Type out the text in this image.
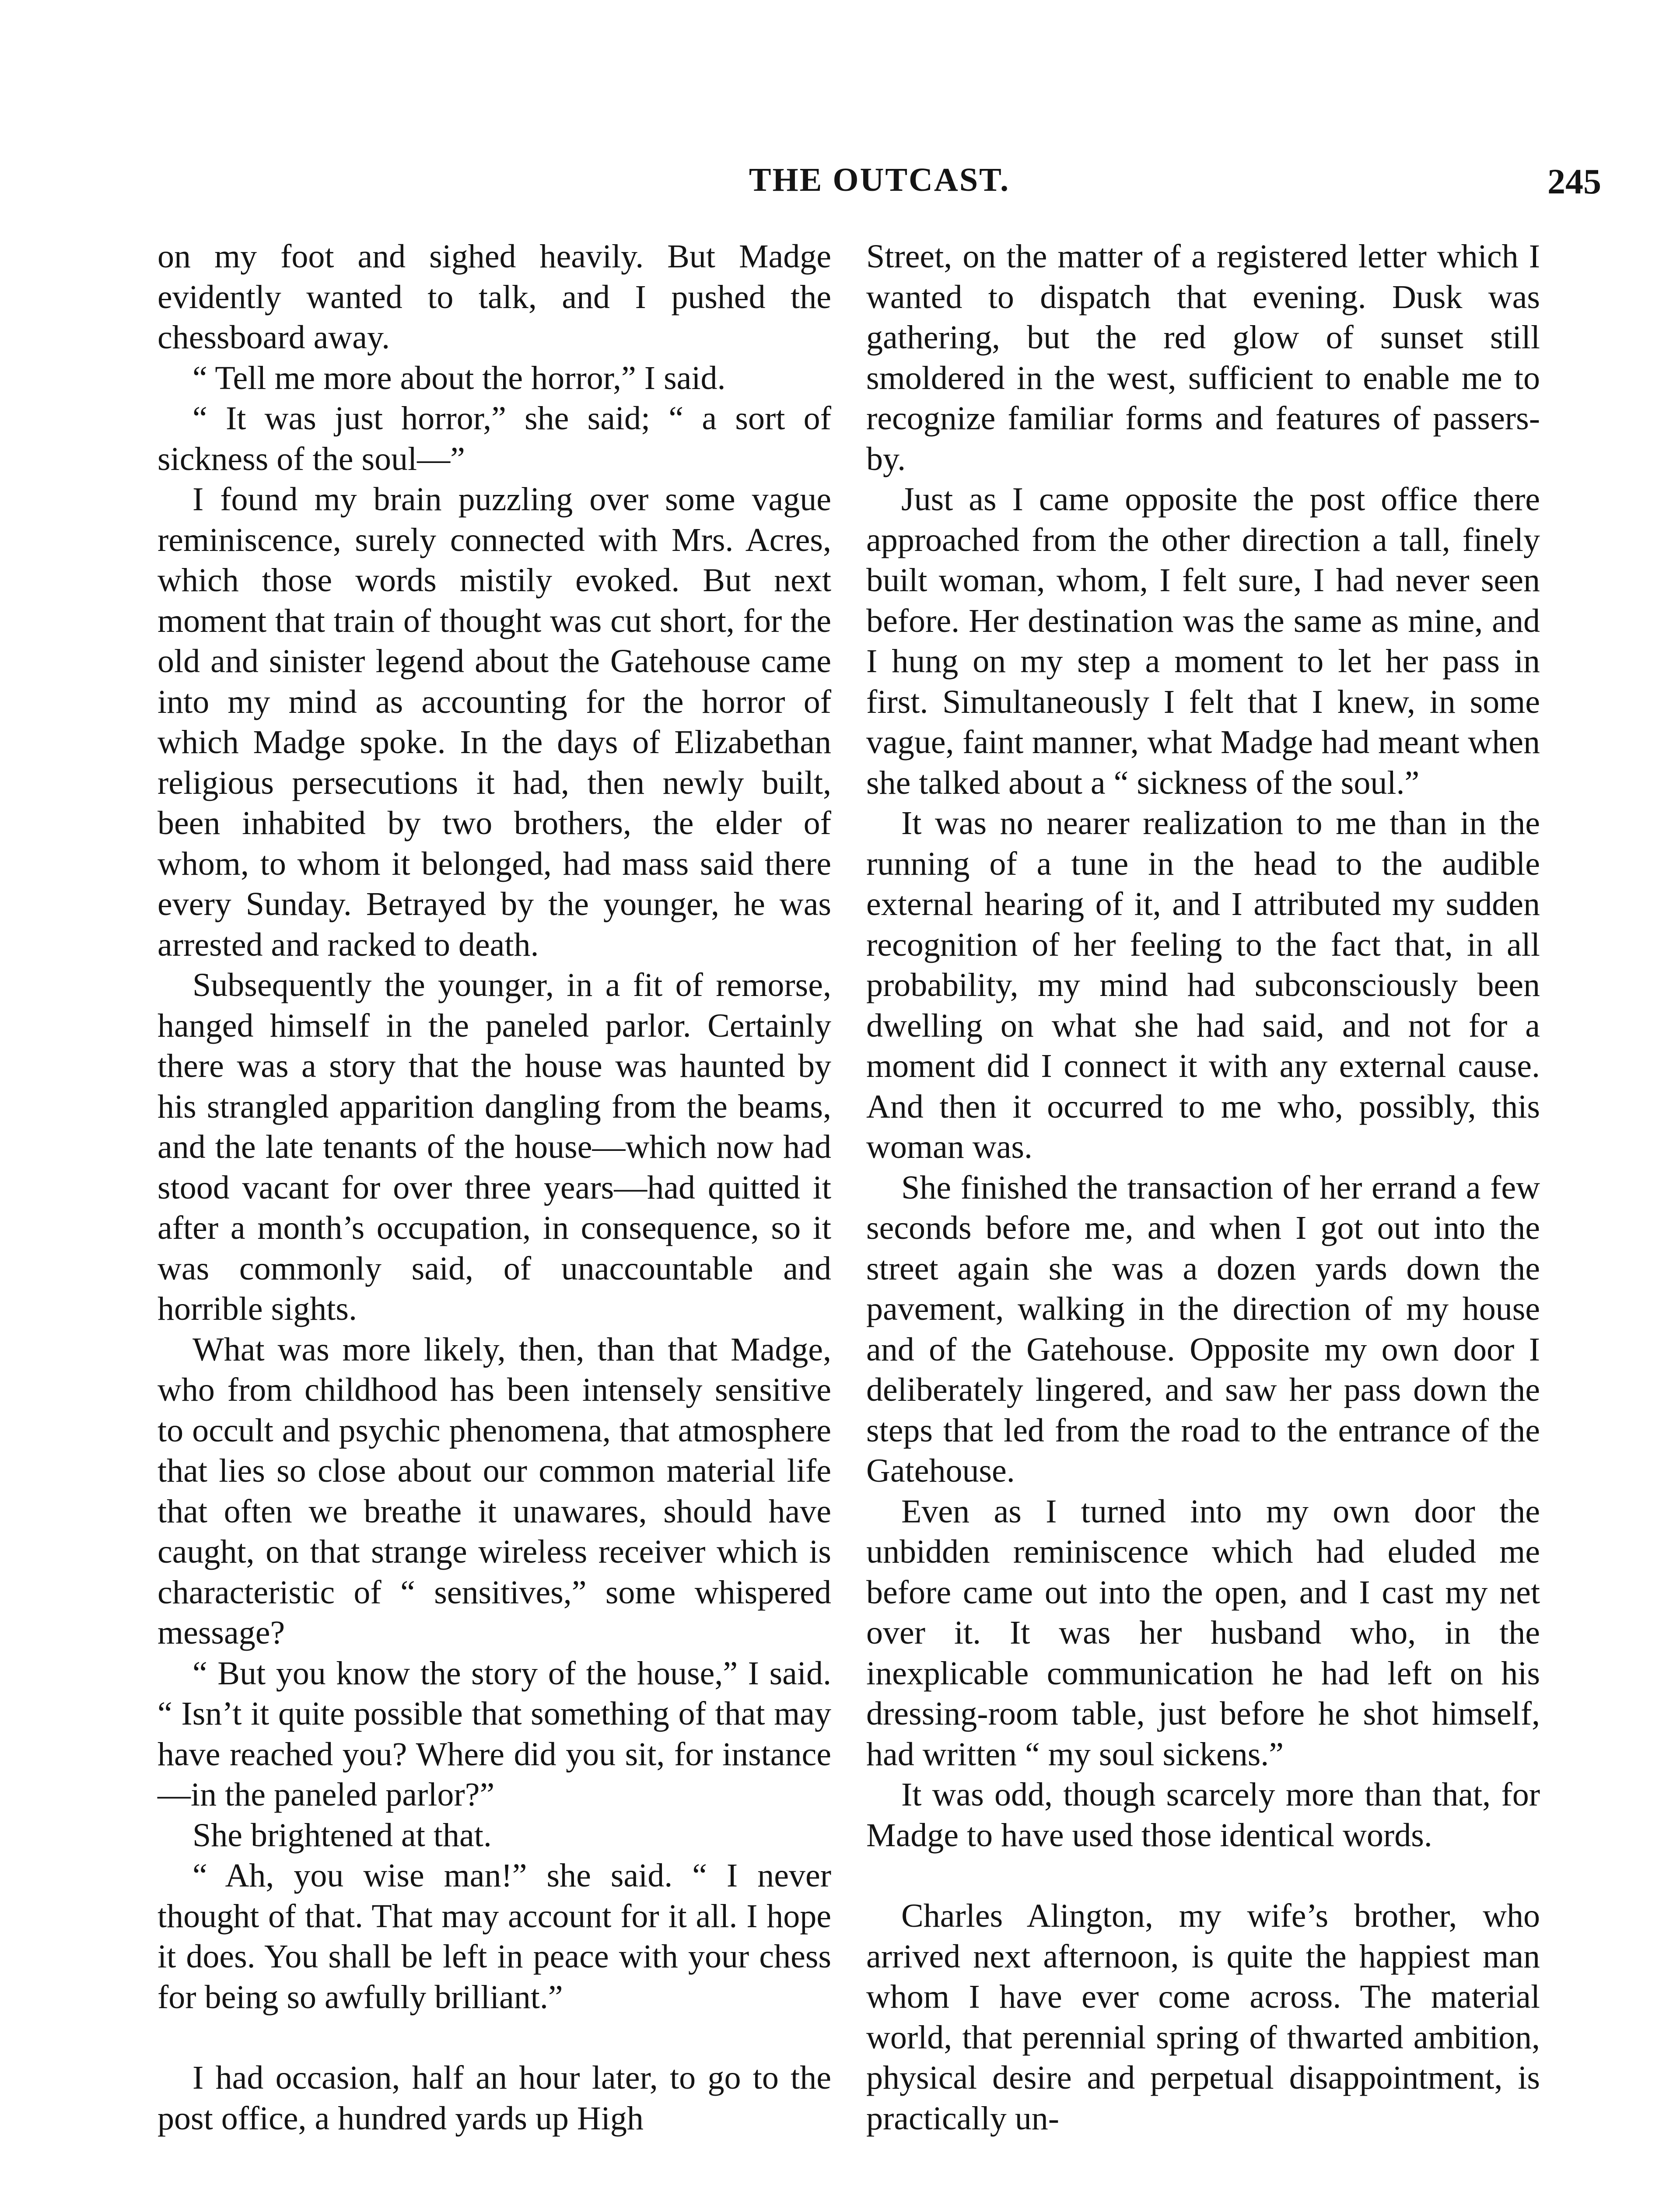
THE OUTCAST.	245

on my foot and sighed heavily. But Madge evidently wanted to talk, and I pushed the chessboard away.

“ Tell me more about the horror,” I said.

“ It was just horror,” she said; “ a sort of sickness of the soul—”

I found my brain puzzling over some vague reminiscence, surely connected with Mrs. Acres, which those words mistily evoked. But next moment that train of thought was cut short, for the old and sinister legend about the Gatehouse came into my mind as accounting for the horror of which Madge spoke. In the days of Elizabethan religious persecutions it had, then newly built, been inhabited by two brothers, the elder of whom, to whom it belonged, had mass said there every Sunday. Betrayed by the younger, he was arrested and racked to death.

Subsequently the younger, in a fit of remorse, hanged himself in the paneled parlor. Certainly there was a story that the house was haunted by his strangled apparition dangling from the beams, and the late tenants of the house—which now had stood vacant for over three years—had quitted it after a month’s occupation, in consequence, so it was commonly said, of unaccountable and horrible sights.

What was more likely, then, than that Madge, who from childhood has been intensely sensitive to occult and psychic phenomena, that atmosphere that lies so close about our common material life that often we breathe it unawares, should have caught, on that strange wireless receiver which is characteristic of “ sensitives,” some whispered message?

“ But you know the story of the house,” I said. “ Isn’t it quite possible that something of that may have reached you? Where did you sit, for instance—in the paneled parlor?”

She brightened at that.

“ Ah, you wise man!” she said. “ I never thought of that. That may account for it all. I hope it does. You shall be left in peace with your chess for being so awfully brilliant.”

I had occasion, half an hour later, to go to the post office, a hundred yards up High

Street, on the matter of a registered letter which I wanted to dispatch that evening. Dusk was gathering, but the red glow of sunset still smoldered in the west, sufficient to enable me to recognize familiar forms and features of passers-by.

Just as I came opposite the post office there approached from the other direction a tall, finely built woman, whom, I felt sure, I had never seen before. Her destination was the same as mine, and I hung on my step a moment to let her pass in first. Simultaneously I felt that I knew, in some vague, faint manner, what Madge had meant when she talked about a “ sickness of the soul.”

It was no nearer realization to me than in the running of a tune in the head to the audible external hearing of it, and I attributed my sudden recognition of her feeling to the fact that, in all probability, my mind had subconsciously been dwelling on what she had said, and not for a moment did I connect it with any external cause. And then it occurred to me who, possibly, this woman was.

She finished the transaction of her errand a few seconds before me, and when I got out into the street again she was a dozen yards down the pavement, walking in the direction of my house and of the Gatehouse. Opposite my own door I deliberately lingered, and saw her pass down the steps that led from the road to the entrance of the Gatehouse.

Even as I turned into my own door the unbidden reminiscence which had eluded me before came out into the open, and I cast my net over it. It was her husband who, in the inexplicable communication he had left on his dressing-room table, just before he shot himself, had written “ my soul sickens.”

It was odd, though scarcely more than that, for Madge to have used those identical words.

Charles Alington, my wife’s brother, who arrived next afternoon, is quite the happiest man whom I have ever come across. The material world, that perennial spring of thwarted ambition, physical desire and perpetual disappointment, is practically un-
